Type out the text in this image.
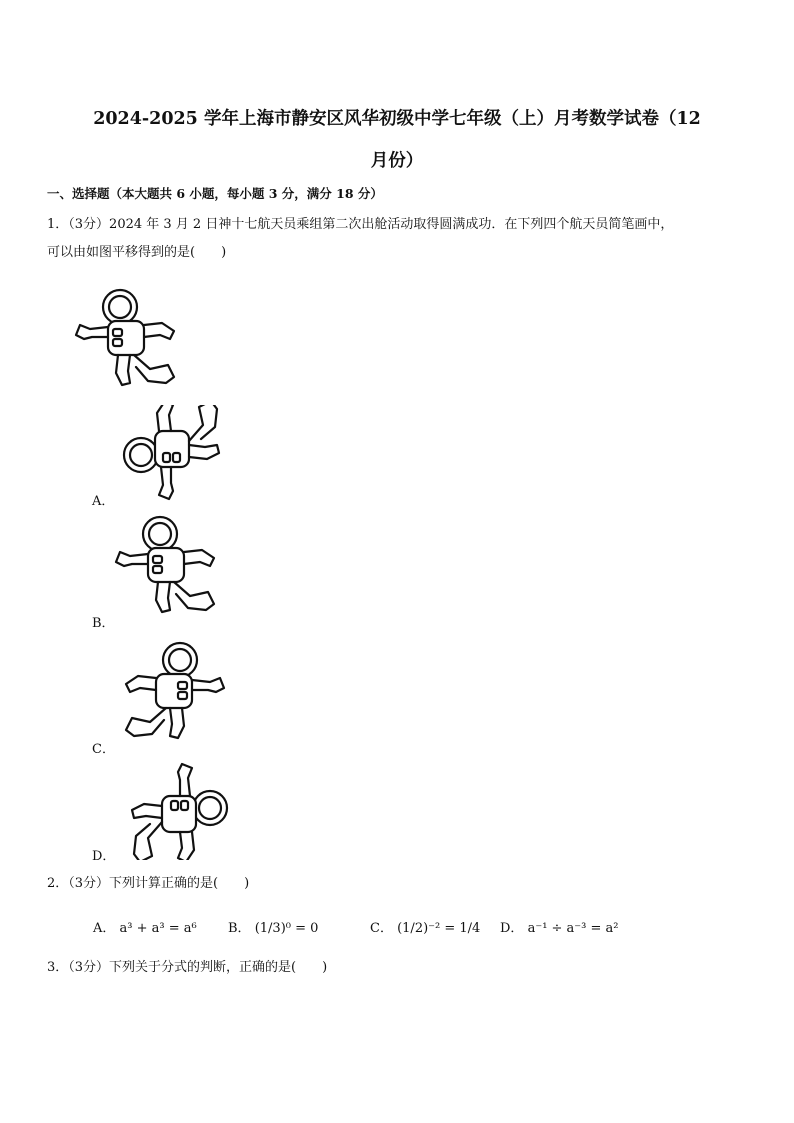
2024-2025 学年上海市静安区风华初级中学七年级（上）月考数学试卷（12
月份）
一、选择题（本大题共 6 小题，每小题 3 分，满分 18 分）
1．（3分）2024 年 3 月 2 日神十七航天员乘组第二次出舱活动取得圆满成功．在下列四个航天员简笔画中，
可以由如图平移得到的是(　　)
A．
B．
C．
D．
2．（3分）下列计算正确的是(　　)
A． a³ + a³ = a⁶ B． (1/3)⁰ = 0	C． (1/2)⁻² = 1/4 D． a⁻¹ ÷ a⁻³ = a²
3．（3分）下列关于分式的判断，正确的是(　　)
